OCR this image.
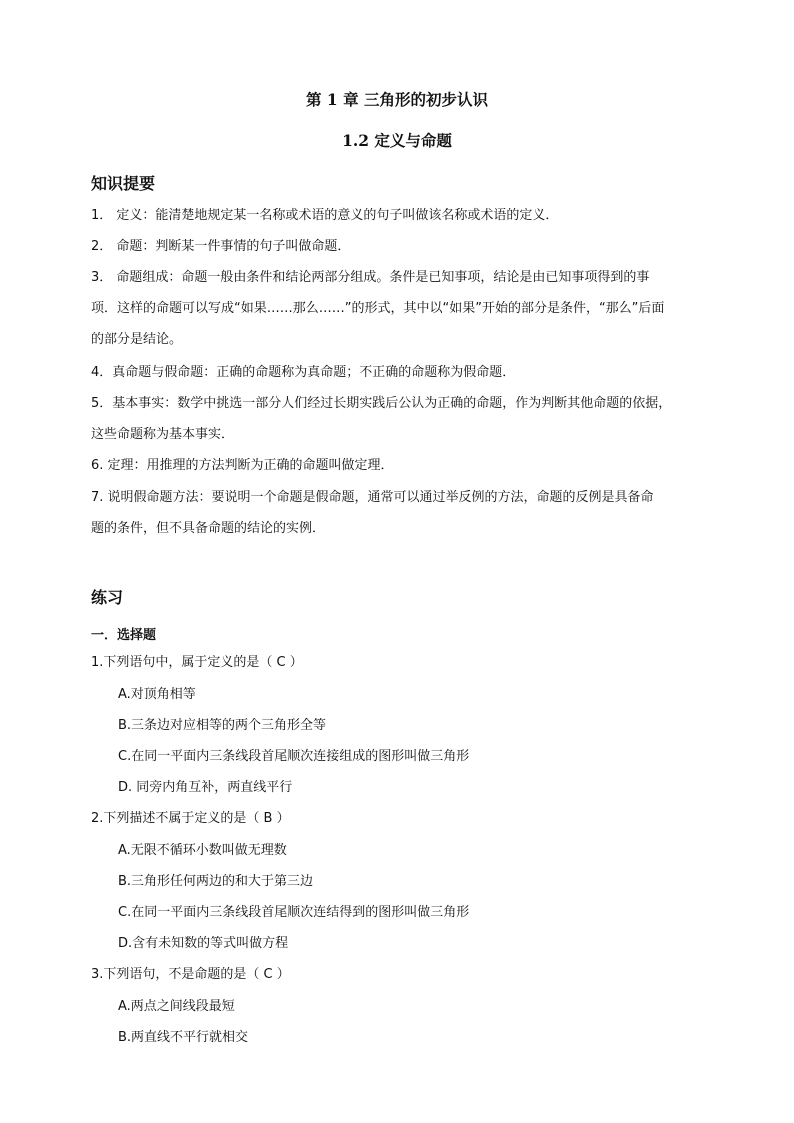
第 1 章 三角形的初步认识
1.2 定义与命题
知识提要
1． 定义：能清楚地规定某一名称或术语的意义的句子叫做该名称或术语的定义．
2． 命题：判断某一件事情的句子叫做命题．
3． 命题组成：命题一般由条件和结论两部分组成。条件是已知事项，结论是由已知事项得到的事
项．这样的命题可以写成“如果……那么……”的形式，其中以“如果”开始的部分是条件，“那么”后面
的部分是结论。
4．真命题与假命题：正确的命题称为真命题；不正确的命题称为假命题．
5．基本事实：数学中挑选一部分人们经过长期实践后公认为正确的命题，作为判断其他命题的依据，
这些命题称为基本事实．
6. 定理：用推理的方法判断为正确的命题叫做定理．
7. 说明假命题方法：要说明一个命题是假命题，通常可以通过举反例的方法，命题的反例是具备命
题的条件，但不具备命题的结论的实例．
练习
一．选择题
1.下列语句中，属于定义的是（ C ）
A.对顶角相等
B.三条边对应相等的两个三角形全等
C.在同一平面内三条线段首尾顺次连接组成的图形叫做三角形
D. 同旁内角互补，两直线平行
2.下列描述不属于定义的是（ B ）
A.无限不循环小数叫做无理数
B.三角形任何两边的和大于第三边
C.在同一平面内三条线段首尾顺次连结得到的图形叫做三角形
D.含有未知数的等式叫做方程
3.下列语句，不是命题的是（ C ）
A.两点之间线段最短
B.两直线不平行就相交
